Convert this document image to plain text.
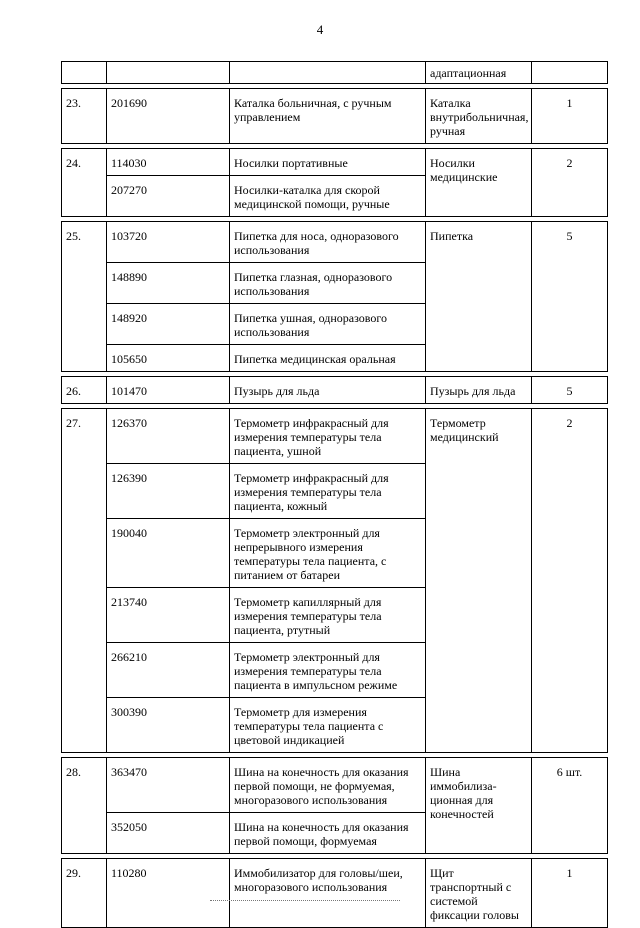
4
			адаптационная	

23.	201690	Каталка больничная, с ручным управлением	Каталка внутрибольничная, ручная	1

24.	114030	Носилки портативные	Носилки медицинские	2
	207270	Носилки-каталка для скорой медицинской помощи, ручные		

25.	103720	Пипетка для носа, одноразового использования	Пипетка	5
	148890	Пипетка глазная, одноразового использования		
	148920	Пипетка ушная, одноразового использования		
	105650	Пипетка медицинская оральная		

26.	101470	Пузырь для льда	Пузырь для льда	5

27.	126370	Термометр инфракрасный для измерения температуры тела пациента, ушной	Термометр медицинский	2
	126390	Термометр инфракрасный для измерения температуры тела пациента, кожный		
	190040	Термометр электронный для непрерывного измерения температуры тела пациента, с питанием от батареи		
	213740	Термометр капиллярный для измерения температуры тела пациента, ртутный		
	266210	Термометр электронный для измерения температуры тела пациента в импульсном режиме		
	300390	Термометр для измерения температуры тела пациента с цветовой индикацией		

28.	363470	Шина на конечность для оказания первой помощи, не формуемая, многоразового использования	Шина иммобилиза-ционная для конечностей	6 шт.
	352050	Шина на конечность для оказания первой помощи, формуемая		

29.	110280	Иммобилизатор для головы/шеи, многоразового использования	Щит транспортный с системой фиксации головы	1
